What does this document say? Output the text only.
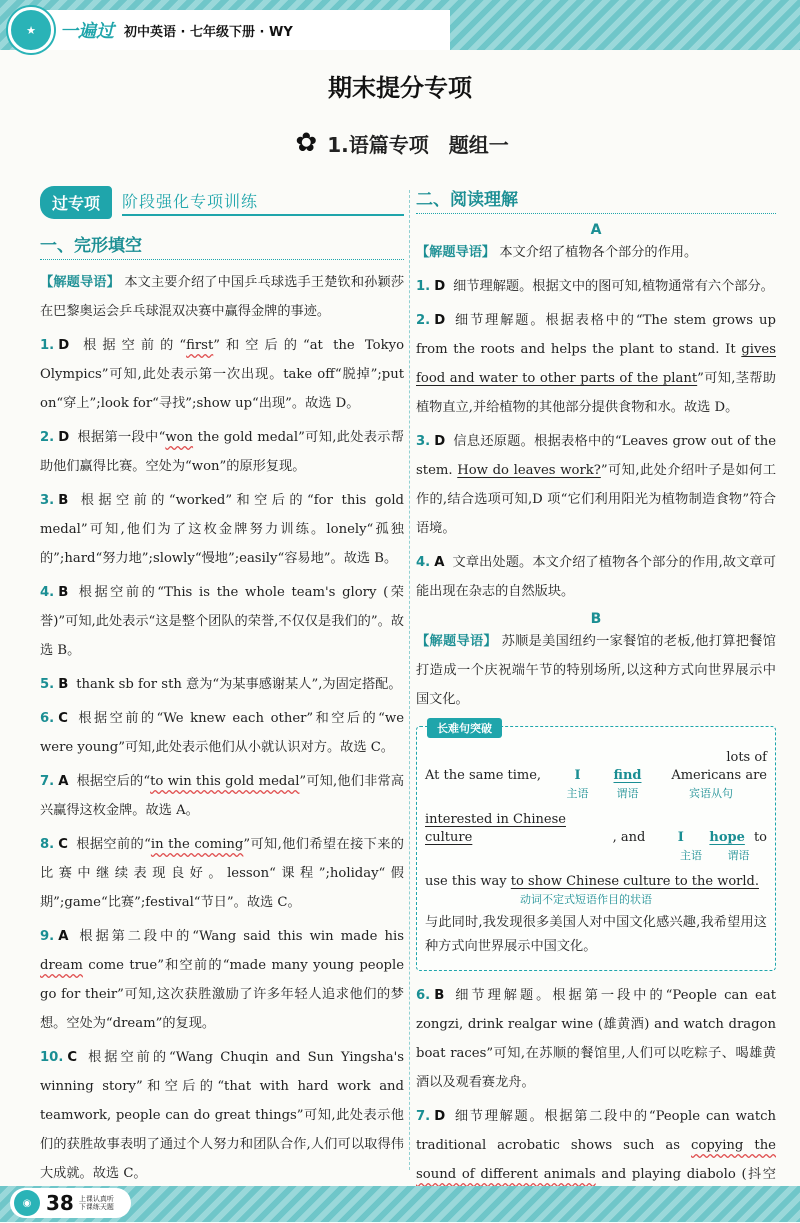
★	一遍过 初中英语 · 七年级下册 · WY
期末提分专项
✿ 1.语篇专项　题组一
过专项	阶段强化专项训练
一、完形填空

【解题导语】 本文主要介绍了中国乒乓球选手王楚钦和孙颖莎在巴黎奥运会乒乓球混双决赛中赢得金牌的事迹。

1. D 根据空前的“first”和空后的“at the Tokyo Olympics”可知,此处表示第一次出现。take off“脱掉”;put on“穿上”;look for“寻找”;show up“出现”。故选 D。

2. D 根据第一段中“won the gold medal”可知,此处表示帮助他们赢得比赛。空处为“won”的原形复现。

3. B 根据空前的“worked”和空后的“for this gold medal”可知,他们为了这枚金牌努力训练。lonely“孤独的”;hard“努力地”;slowly“慢地”;easily“容易地”。故选 B。

4. B 根据空前的“This is the whole team's glory (荣誉)”可知,此处表示“这是整个团队的荣誉,不仅仅是我们的”。故选 B。

5. B thank sb for sth 意为“为某事感谢某人”,为固定搭配。

6. C 根据空前的“We knew each other”和空后的“we were young”可知,此处表示他们从小就认识对方。故选 C。

7. A 根据空后的“to win this gold medal”可知,他们非常高兴赢得这枚金牌。故选 A。

8. C 根据空前的“in the coming”可知,他们希望在接下来的比赛中继续表现良好。lesson“课程”;holiday“假期”;game“比赛”;festival“节日”。故选 C。

9. A 根据第二段中的“Wang said this win made his dream come true”和空前的“made many young people go for their”可知,这次获胜激励了许多年轻人追求他们的梦想。空处为“dream”的复现。

10. C 根据空前的“Wang Chuqin and Sun Yingsha's winning story”和空后的“that with hard work and teamwork, people can do great things”可知,此处表示他们的获胜故事表明了通过个人努力和团队合作,人们可以取得伟大成就。故选 C。

二、阅读理解
A

【解题导语】 本文介绍了植物各个部分的作用。

1. D 细节理解题。根据文中的图可知,植物通常有六个部分。

2. D 细节理解题。根据表格中的“The stem grows up from the roots and helps the plant to stand. It gives food and water to other parts of the plant”可知,茎帮助植物直立,并给植物的其他部分提供食物和水。故选 D。

3. D 信息还原题。根据表格中的“Leaves grow out of the stem. How do leaves work?”可知,此处介绍叶子是如何工作的,结合选项可知,D 项“它们利用阳光为植物制造食物”符合语境。

4. A 文章出处题。本文介绍了植物各个部分的作用,故文章可能出现在杂志的自然版块。

B

【解题导语】 苏顺是美国纽约一家餐馆的老板,他打算把餐馆打造成一个庆祝端午节的特别场所,以这种方式向世界展示中国文化。

长难句突破
At the same time,	I	find
lots of Americans are
主语	谓语	宾语从句
interested in Chinese culture	, and	I	hope to
主语	谓语
use this way
to show Chinese culture to the world.
动词不定式短语作目的状语

与此同时,我发现很多美国人对中国文化感兴趣,我希望用这种方式向世界展示中国文化。

6. B 细节理解题。根据第一段中的“People can eat zongzi, drink realgar wine (雄黄酒) and watch dragon boat races”可知,在苏顺的餐馆里,人们可以吃粽子、喝雄黄酒以及观看赛龙舟。

7. D 细节理解题。根据第二段中的“People can watch traditional acrobatic shows such as copying the sound of different animals and playing diabolo (抖空

◉ 38 上课认真听 下课练天题
